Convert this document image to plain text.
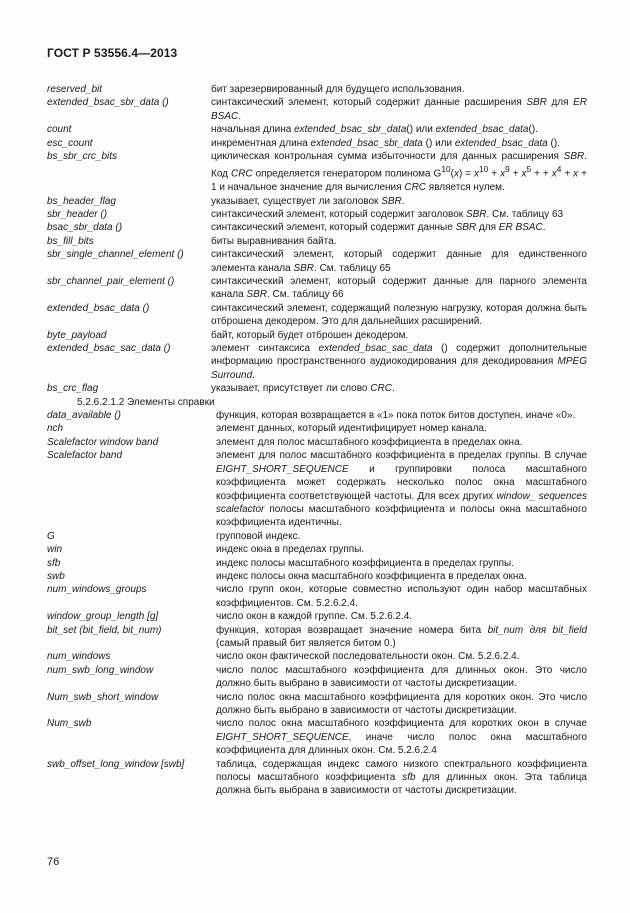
ГОСТ Р 53556.4—2013
reserved_bit	бит зарезервированный для будущего использования.
extended_bsac_sbr_data ()	синтаксический элемент, который содержит данные расширения SBR для ER BSAC.
count	начальная длина extended_bsac_sbr_data() или extended_bsac_data().
esc_count	инкрементная длина extended_bsac_sbr_data () или extended_bsac_data ().
bs_sbr_crc_bits	циклическая контрольная сумма избыточности для данных расширения SBR. Код CRC определяется генератором полинома $G^{10}(x) = x^{10} + x^9 + x^5$ + + $x^4 + x + 1$ и начальное значение для вычисления CRC является нулем.
bs_header_flag	указывает, существует ли заголовок SBR.
sbr_header ()	синтаксический элемент, который содержит заголовок SBR. См. таблицу 63
bsac_sbr_data ()	синтаксический элемент, который содержит данные SBR для ER BSAC.
bs_fill_bits	биты выравнивания байта.
sbr_single_channel_element ()	синтаксический элемент, который содержит данные для единственного элемента канала SBR. См. таблицу 65
sbr_channel_pair_element ()	синтаксический элемент, который содержит данные для парного элемента канала SBR. См. таблицу 66
extended_bsac_data ()	синтаксический элемент, содержащий полезную нагрузку, которая должна быть отброшена декодером. Это для дальнейших расширений.
byte_payload	байт, который будет отброшен декодером.
extended_bsac_sac_data ()	элемент синтаксиса extended_bsac_sac_data () содержит дополнительные информацию пространственного аудиокодирования для декодирования MPEG Surround.
bs_crc_flag	указывает, присутствует ли слово CRC.
5.2.6.2.1.2 Элементы справки
data_available ()	функция, которая возвращается в «1» пока поток битов доступен, иначе «0».
nch	элемент данных, который идентифицирует номер канала.
Scalefactor window band	элемент для полос масштабного коэффициента в пределах окна.
Scalefactor band	элемент для полос масштабного коэффициента в пределах группы. В случае EIGHT_SHORT_SEQUENCE и группировки полоса масштабного коэффициента может содержать несколько полос окна масштабного коэффициента соответствующей частоты. Для всех других window_ sequences scalefactor полосы масштабного коэффициента и полосы окна масштабного коэффициента идентичны.
G	групповой индекс.
win	индекс окна в пределах группы.
sfb	индекс полосы масштабного коэффициента в пределах группы.
swb	индекс полосы окна масштабного коэффициента в пределах окна.
num_windows_groups	число групп окон, которые совместно используют один набор масштабных коэффициентов. См. 5.2.6.2.4.
window_group_length [g]	число окон в каждой группе. См. 5.2.6.2.4.
bit_set (bit_field, bit_num)	функция, которая возвращает значение номера бита bit_num для bit_field (самый правый бит является битом 0.)
num_windows	число окон фактической последовательности окон. См. 5.2.6.2.4.
num_swb_long_window	число полос масштабного коэффициента для длинных окон. Это число должно быть выбрано в зависимости от частоты дискретизации.
Num_swb_short_window	число полос окна масштабного коэффициента для коротких окон. Это число должно быть выбрано в зависимости от частоты дискретизации.
Num_swb	число полос окна масштабного коэффициента для коротких окон в случае EIGHT_SHORT_SEQUENCE, иначе число полос окна масштабного коэффициента для длинных окон. См. 5.2.6.2.4
swb_offset_long_window [swb]	таблица, содержащая индекс самого низкого спектрального коэффициента полосы масштабного коэффициента sfb для длинных окон. Эта таблица должна быть выбрана в зависимости от частоты дискретизации.
76
